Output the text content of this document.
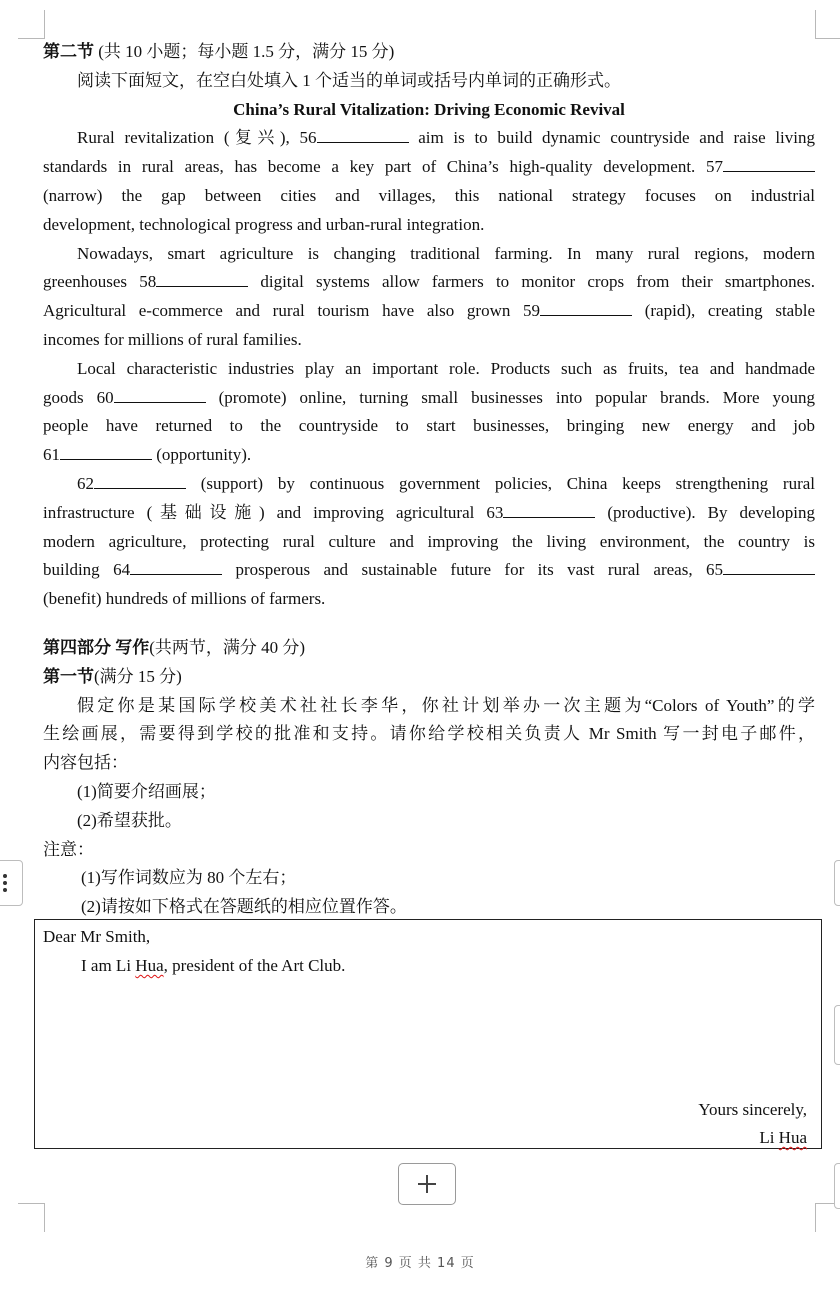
第二节 (共 10 小题；每小题 1.5 分，满分 15 分)
阅读下面短文，在空白处填入 1 个适当的单词或括号内单词的正确形式。
China’s Rural Vitalization: Driving Economic Revival
Rural revitalization (复兴), 56	aim is to build dynamic countryside and raise living
standards in rural areas, has become a key part of China’s high-quality development. 57
(narrow) the gap between cities and villages, this national strategy focuses on industrial
development, technological progress and urban-rural integration.
Nowadays, smart agriculture is changing traditional farming. In many rural regions, modern
greenhouses 58	digital systems allow farmers to monitor crops from their smartphones.
Agricultural e-commerce and rural tourism have also grown 59	(rapid), creating stable
incomes for millions of rural families.
Local characteristic industries play an important role. Products such as fruits, tea and handmade
goods 60	(promote) online, turning small businesses into popular brands. More young
people have returned to the countryside to start businesses, bringing new energy and job
61	(opportunity).
62	(support) by continuous government policies, China keeps strengthening rural
infrastructure (基础设施) and improving agricultural 63	(productive). By developing
modern agriculture, protecting rural culture and improving the living environment, the country is
building 64	prosperous and sustainable future for its vast rural areas, 65
(benefit) hundreds of millions of farmers.
第四部分 写作(共两节，满分 40 分)
第一节(满分 15 分)
假定你是某国际学校美术社社长李华，你社计划举办一次主题为“Colors of Youth”的学
生绘画展，需要得到学校的批准和支持。请你给学校相关负责人 Mr Smith 写一封电子邮件，
内容包括：
(1)简要介绍画展；
(2)希望获批。
注意：
(1)写作词数应为 80 个左右；
(2)请按如下格式在答题纸的相应位置作答。
Dear Mr Smith,
I am Li Hua, president of the Art Club.
Yours sincerely,
Li Hua
第 9 页 共 14 页
